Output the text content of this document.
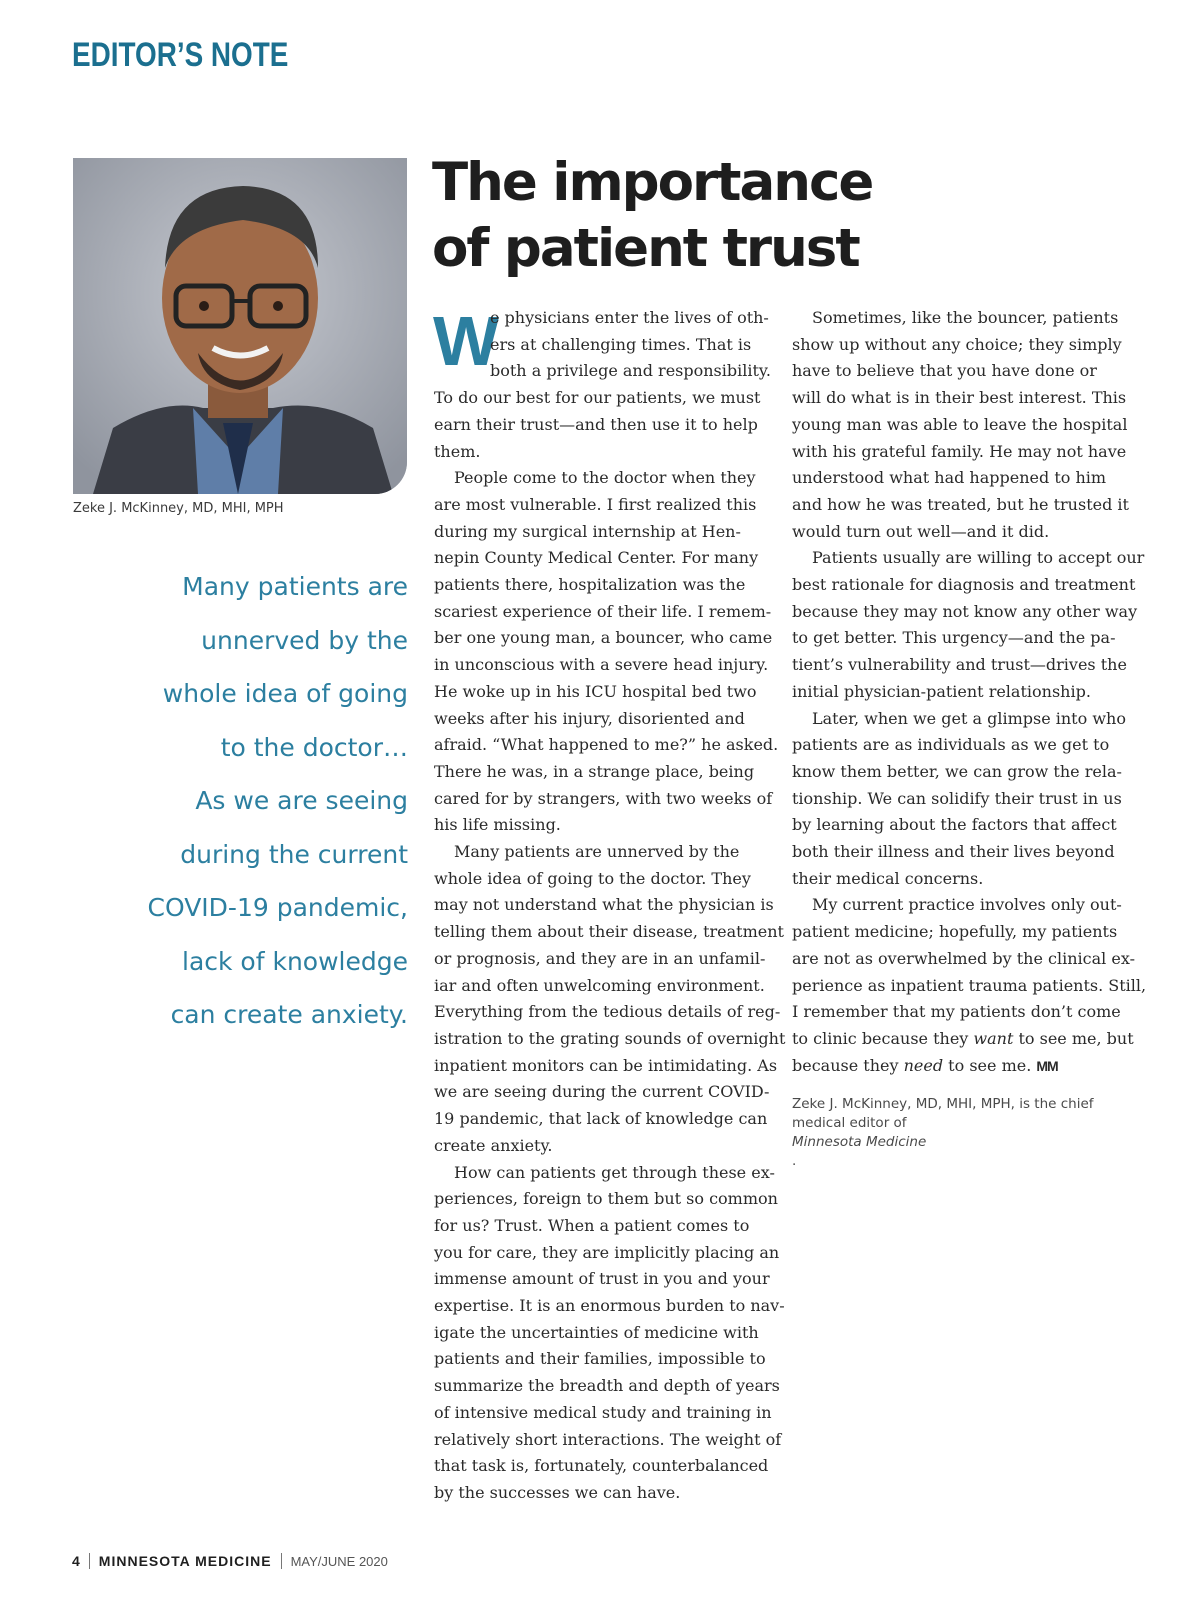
EDITOR’S NOTE
Zeke J. McKinney, MD, MHI, MPH
Many patients are
unnerved by the
whole idea of going
to the doctor…
As we are seeing
during the current
COVID-19 pandemic,
lack of knowledge
can create anxiety.
The importance
of patient trust
W
e physicians enter the lives of oth-
ers at challenging times. That is
both a privilege and responsibility.
To do our best for our patients, we must
earn their trust—and then use it to help
them.
People come to the doctor when they
are most vulnerable. I first realized this
during my surgical internship at Hen-
nepin County Medical Center. For many
patients there, hospitalization was the
scariest experience of their life. I remem-
ber one young man, a bouncer, who came
in unconscious with a severe head injury.
He woke up in his ICU hospital bed two
weeks after his injury, disoriented and
afraid. “What happened to me?” he asked.
There he was, in a strange place, being
cared for by strangers, with two weeks of
his life missing.
Many patients are unnerved by the
whole idea of going to the doctor. They
may not understand what the physician is
telling them about their disease, treatment
or prognosis, and they are in an unfamil-
iar and often unwelcoming environment.
Everything from the tedious details of reg-
istration to the grating sounds of overnight
inpatient monitors can be intimidating. As
we are seeing during the current COVID-
19 pandemic, that lack of knowledge can
create anxiety.
How can patients get through these ex-
periences, foreign to them but so common
for us? Trust. When a patient comes to
you for care, they are implicitly placing an
immense amount of trust in you and your
expertise. It is an enormous burden to nav-
igate the uncertainties of medicine with
patients and their families, impossible to
summarize the breadth and depth of years
of intensive medical study and training in
relatively short interactions. The weight of
that task is, fortunately, counterbalanced
by the successes we can have.
Sometimes, like the bouncer, patients
show up without any choice; they simply
have to believe that you have done or
will do what is in their best interest. This
young man was able to leave the hospital
with his grateful family. He may not have
understood what had happened to him
and how he was treated, but he trusted it
would turn out well—and it did.
Patients usually are willing to accept our
best rationale for diagnosis and treatment
because they may not know any other way
to get better. This urgency—and the pa-
tient’s vulnerability and trust—drives the
initial physician-patient relationship.
Later, when we get a glimpse into who
patients are as individuals as we get to
know them better, we can grow the rela-
tionship. We can solidify their trust in us
by learning about the factors that affect
both their illness and their lives beyond
their medical concerns.
My current practice involves only out-
patient medicine; hopefully, my patients
are not as overwhelmed by the clinical ex-
perience as inpatient trauma patients. Still,
I remember that my patients don’t come
to clinic because they want to see me, but
because they need to see me. MM
Zeke J. McKinney, MD, MHI, MPH, is the chief
medical editor of
Minnesota Medicine
.
4 MINNESOTA MEDICINE MAY/JUNE 2020
